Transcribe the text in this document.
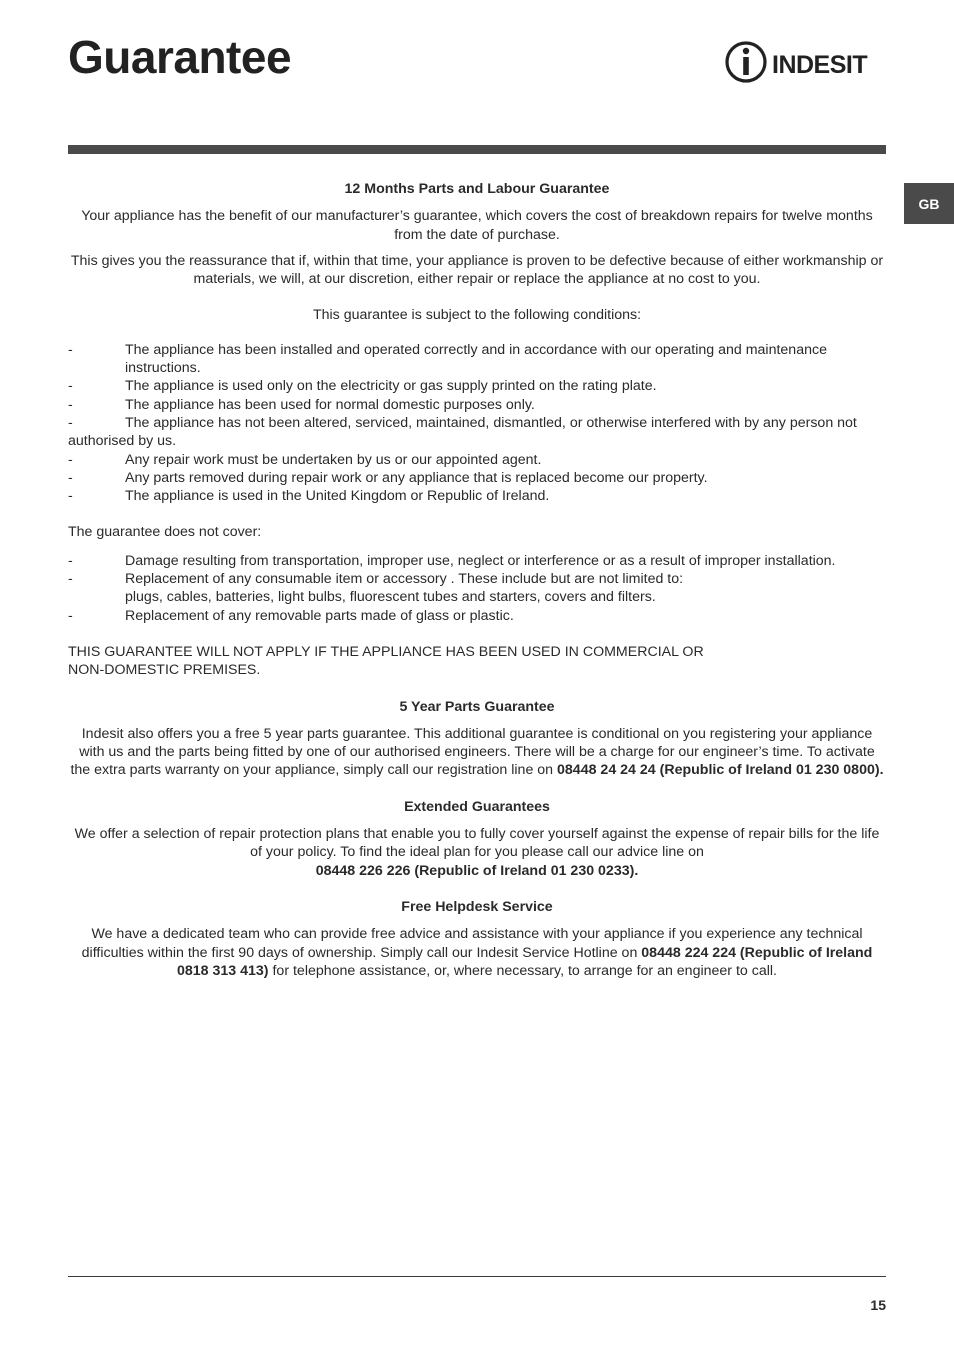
Guarantee	INDESIT
GB

12 Months Parts and Labour Guarantee

Your appliance has the benefit of our manufacturer’s guarantee, which covers the cost of breakdown repairs for twelve months from the date of purchase.

This gives you the reassurance that if, within that time, your appliance is proven to be defective because of either workmanship or materials, we will, at our discretion, either repair or replace the appliance at no cost to you.

This guarantee is subject to the following conditions:

-	The appliance has been installed and operated correctly and in accordance with our operating and maintenance instructions.
-	The appliance is used only on the electricity or gas supply printed on the rating plate.
-	The appliance has been used for normal domestic purposes only.
-	The appliance has not been altered, serviced, maintained, dismantled, or otherwise interfered with by any person not authorised by us.
-	Any repair work must be undertaken by us or our appointed agent.
-	Any parts removed during repair work or any appliance that is replaced become our property.
-	The appliance is used in the United Kingdom or Republic of Ireland.

The guarantee does not cover:

-	Damage resulting from transportation, improper use, neglect or interference or as a result of improper installation.
-	Replacement of any consumable item or accessory . These include but are not limited to:
plugs, cables, batteries, light bulbs, fluorescent tubes and starters, covers and filters.
-	Replacement of any removable parts made of glass or plastic.

THIS GUARANTEE WILL NOT APPLY IF THE APPLIANCE HAS BEEN USED IN COMMERCIAL OR

NON-DOMESTIC PREMISES.

5 Year Parts Guarantee

Indesit also offers you a free 5 year parts guarantee. This additional guarantee is conditional on you registering your appliance with us and the parts being fitted by one of our authorised engineers. There will be a charge for our engineer’s time. To activate the extra parts warranty on your appliance, simply call our registration line on 08448 24 24 24 (Republic of Ireland 01 230 0800).

Extended Guarantees

We offer a selection of repair protection plans that enable you to fully cover yourself against the expense of repair bills for the life of your policy. To find the ideal plan for you please call our advice line on
08448 226 226 (Republic of Ireland 01 230 0233).

Free Helpdesk Service

We have a dedicated team who can provide free advice and assistance with your appliance if you experience any technical difficulties within the first 90 days of ownership. Simply call our Indesit Service Hotline on 08448 224 224 (Republic of Ireland 0818 313 413) for telephone assistance, or, where necessary, to arrange for an engineer to call.

15
